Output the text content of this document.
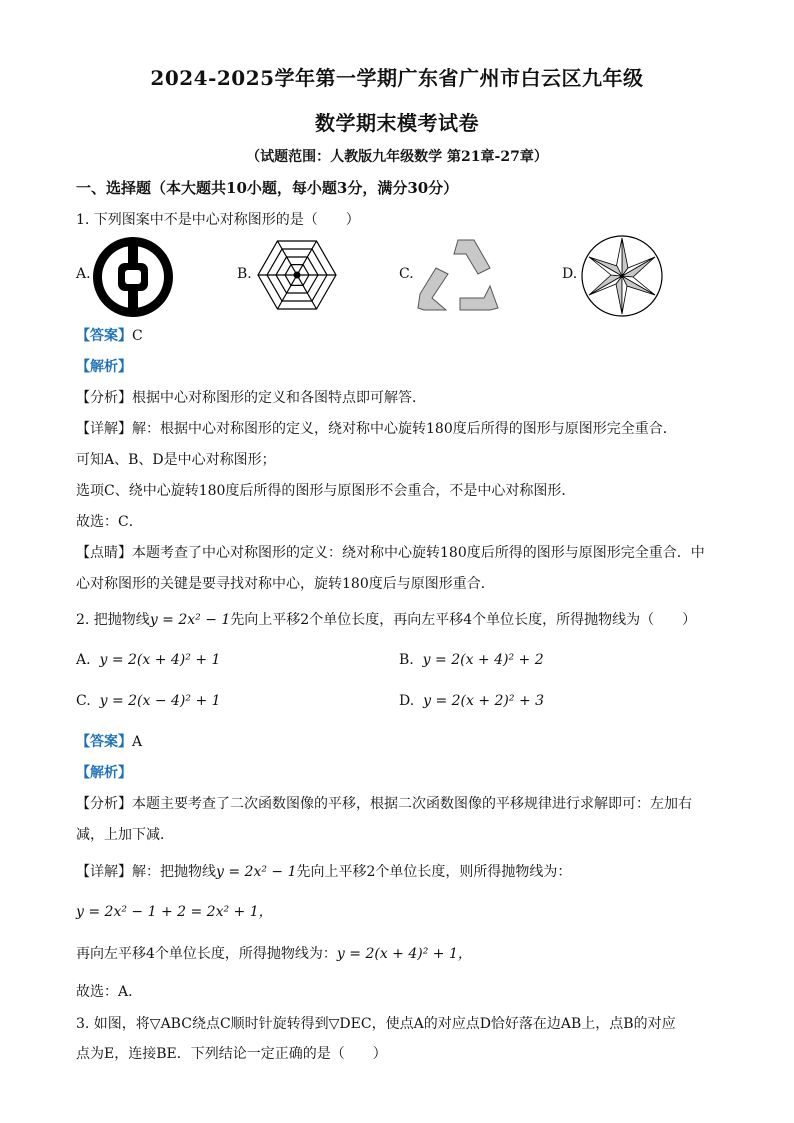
2024-2025学年第一学期广东省广州市白云区九年级
数学期末模考试卷
（试题范围：人教版九年级数学 第21章-27章）
一、选择题（本大题共10小题，每小题3分，满分30分）
1. 下列图案中不是中心对称图形的是（　　）
A.	B.	C.	D.
【答案】C
【解析】
【分析】根据中心对称图形的定义和各图特点即可解答．
【详解】解：根据中心对称图形的定义，绕对称中心旋转180度后所得的图形与原图形完全重合．
可知A、B、D是中心对称图形；
选项C、绕中心旋转180度后所得的图形与原图形不会重合，不是中心对称图形．
故选：C．
【点睛】本题考查了中心对称图形的定义：绕对称中心旋转180度后所得的图形与原图形完全重合．中
心对称图形的关键是要寻找对称中心，旋转180度后与原图形重合．
2. 把抛物线y = 2x² − 1先向上平移2个单位长度，再向左平移4个单位长度，所得抛物线为（　　）
A. y = 2(x + 4)² + 1	B. y = 2(x + 4)² + 2
C. y = 2(x − 4)² + 1	D. y = 2(x + 2)² + 3
【答案】A
【解析】
【分析】本题主要考查了二次函数图像的平移，根据二次函数图像的平移规律进行求解即可：左加右
减，上加下减．
【详解】解：把抛物线y = 2x² − 1先向上平移2个单位长度，则所得抛物线为：
y = 2x² − 1 + 2 = 2x² + 1，
再向左平移4个单位长度，所得抛物线为：y = 2(x + 4)² + 1，
故选：A．
3. 如图，将▽ABC绕点C顺时针旋转得到▽DEC，使点A的对应点D恰好落在边AB上，点B的对应
点为E，连接BE．下列结论一定正确的是（　　）
